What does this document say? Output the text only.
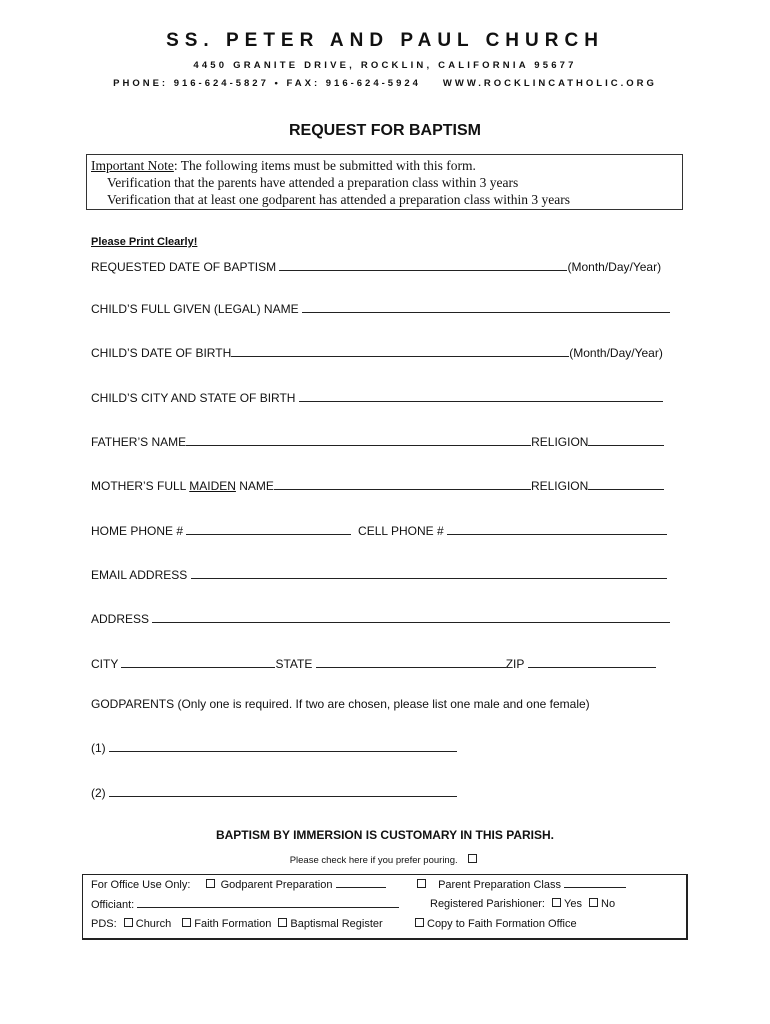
SS. PETER AND PAUL CHURCH
4450 GRANITE DRIVE, ROCKLIN, CALIFORNIA 95677
PHONE: 916-624-5827 • FAX: 916-624-5924 WWW.ROCKLINCATHOLIC.ORG
REQUEST FOR BAPTISM
Important Note: The following items must be submitted with this form.
Verification that the parents have attended a preparation class within 3 years
Verification that at least one godparent has attended a preparation class within 3 years
Please Print Clearly!
REQUESTED DATE OF BAPTISM	(Month/Day/Year)
CHILD’S FULL GIVEN (LEGAL) NAME
CHILD’S DATE OF BIRTH	(Month/Day/Year)
CHILD’S CITY AND STATE OF BIRTH
FATHER’S NAME	RELIGION
MOTHER’S FULL MAIDEN NAME	RELIGION
HOME PHONE #	CELL PHONE #
EMAIL ADDRESS
ADDRESS
CITY	STATE	ZIP
GODPARENTS (Only one is required. If two are chosen, please list one male and one female)
(1)
(2)
BAPTISM BY IMMERSION IS CUSTOMARY IN THIS PARISH.
Please check here if you prefer pouring.
For Office Use Only:	Godparent Preparation	Parent Preparation Class
Officiant:	Registered Parishioner: Yes No
PDS: Church Faith Formation Baptismal Register	Copy to Faith Formation Office
